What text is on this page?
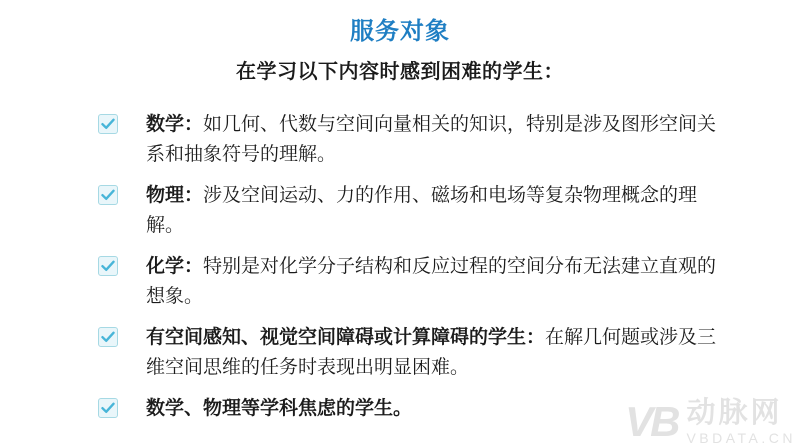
服务对象
在学习以下内容时感到困难的学生：

数学：如几何、代数与空间向量相关的知识，特别是涉及图形空间关系和抽象符号的理解。

物理：涉及空间运动、力的作用、磁场和电场等复杂物理概念的理解。

化学：特别是对化学分子结构和反应过程的空间分布无法建立直观的想象。

有空间感知、视觉空间障碍或计算障碍的学生：在解几何题或涉及三维空间思维的任务时表现出明显困难。

数学、物理等学科焦虑的学生。	VB 动脉网
VBDATA.CN
